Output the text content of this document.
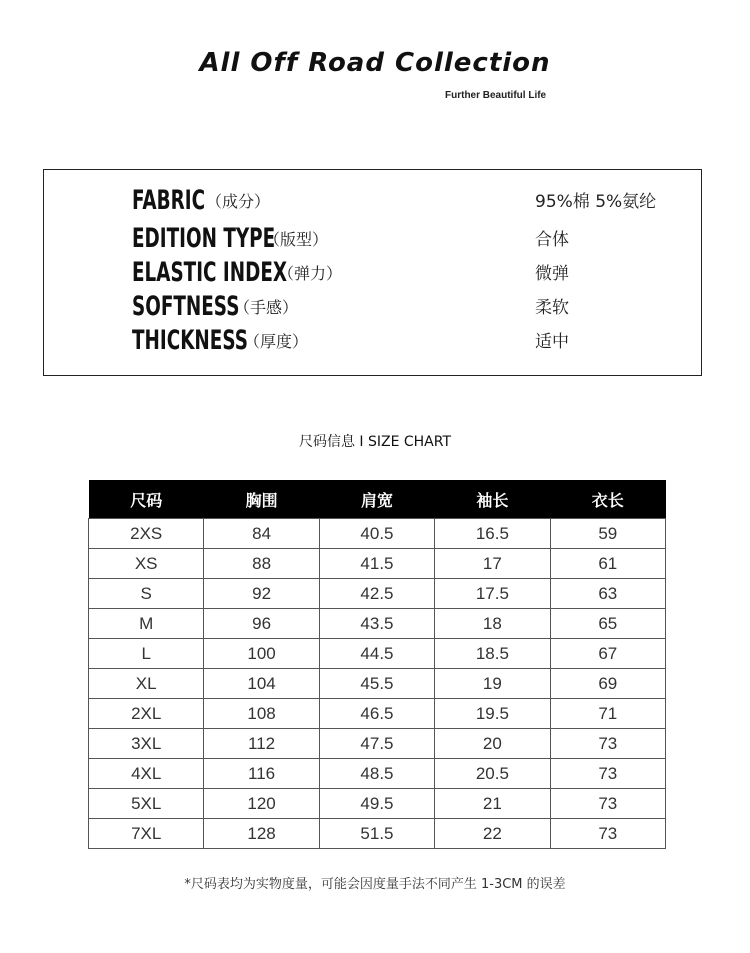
All Off Road Collection
Further Beautiful Life
FABRIC （成分）	95%棉 5%氨纶
EDITION TYPE
（版型）	合体
ELASTIC INDEX
（弹力）	微弹
SOFTNESS
（手感）	柔软
THICKNESS
（厚度）	适中
尺码信息 I SIZE CHART
尺码	胸围	肩宽	袖长	衣长
2XS	84	40.5	16.5	59
XS	88	41.5	17	61
S	92	42.5	17.5	63
M	96	43.5	18	65
L	100	44.5	18.5	67
XL	104	45.5	19	69
2XL	108	46.5	19.5	71
3XL	112	47.5	20	73
4XL	116	48.5	20.5	73
5XL	120	49.5	21	73
7XL	128	51.5	22	73
*尺码表均为实物度量，可能会因度量手法不同产生 1-3CM 的误差
